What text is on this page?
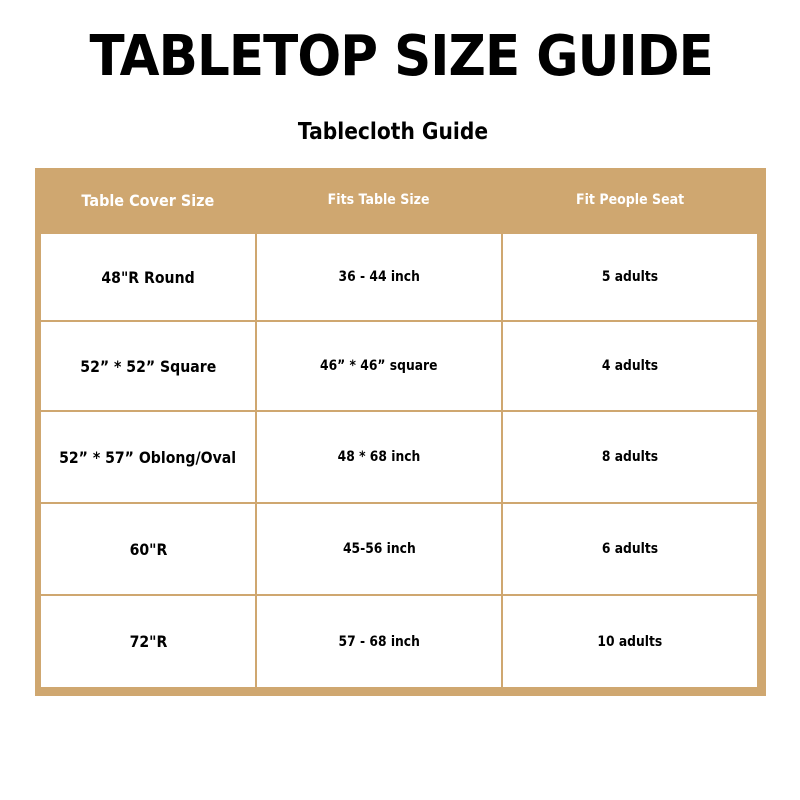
TABLETOP SIZE GUIDE
Tablecloth Guide
Table Cover Size	Fits Table Size	Fit People Seat
48"R Round	36 - 44 inch	5 adults
52” * 52” Square	46” * 46” square	4 adults
52” * 57” Oblong/Oval	48 * 68 inch	8 adults
60"R	45-56 inch	6 adults
72"R	57 - 68 inch	10 adults
